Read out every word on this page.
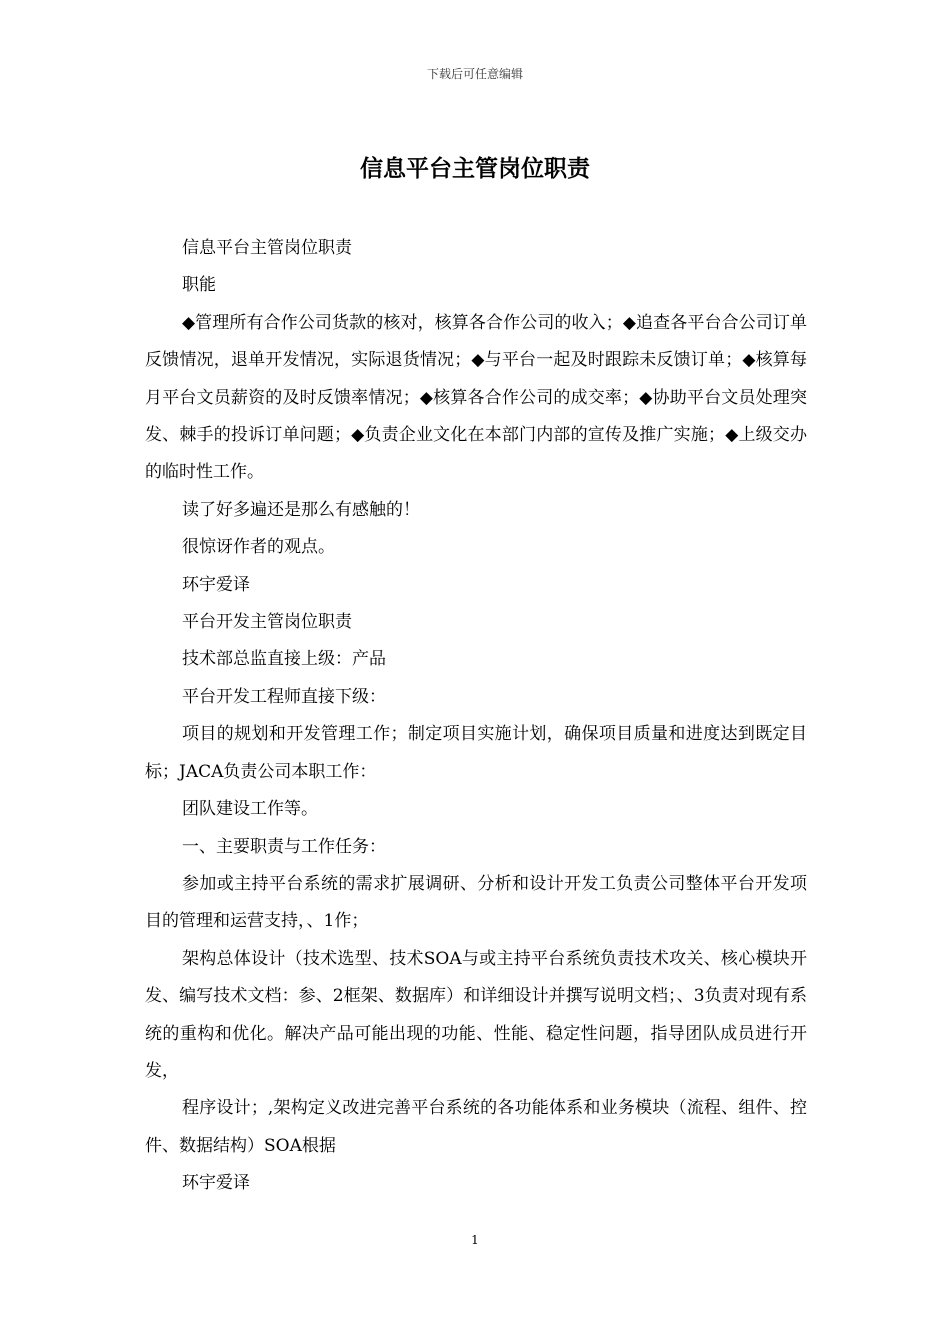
下载后可任意编辑
信息平台主管岗位职责

信息平台主管岗位职责

职能

◆管理所有合作公司货款的核对，核算各合作公司的收入；◆追查各平台合公司订单反馈情况，退单开发情况，实际退货情况；◆与平台一起及时跟踪未反馈订单；◆核算每月平台文员薪资的及时反馈率情况；◆核算各合作公司的成交率；◆协助平台文员处理突发、棘手的投诉订单问题；◆负责企业文化在本部门内部的宣传及推广实施；◆上级交办的临时性工作。

读了好多遍还是那么有感触的！

很惊讶作者的观点。

环宇爱译

平台开发主管岗位职责

技术部总监直接上级：产品

平台开发工程师直接下级：

项目的规划和开发管理工作；制定项目实施计划，确保项目质量和进度达到既定目标；JACA负责公司本职工作：

团队建设工作等。

一、主要职责与工作任务：

参加或主持平台系统的需求扩展调研、分析和设计开发工负责公司整体平台开发项目的管理和运营支持，、1作；

架构总体设计（技术选型、技术SOA与或主持平台系统负责技术攻关、核心模块开发、编写技术文档：参、2框架、数据库）和详细设计并撰写说明文档；、3负责对现有系统的重构和优化。解决产品可能出现的功能、性能、稳定性问题，指导团队成员进行开发，

程序设计；,架构定义改进完善平台系统的各功能体系和业务模块（流程、组件、控件、数据结构）SOA根据

环宇爱译

1
